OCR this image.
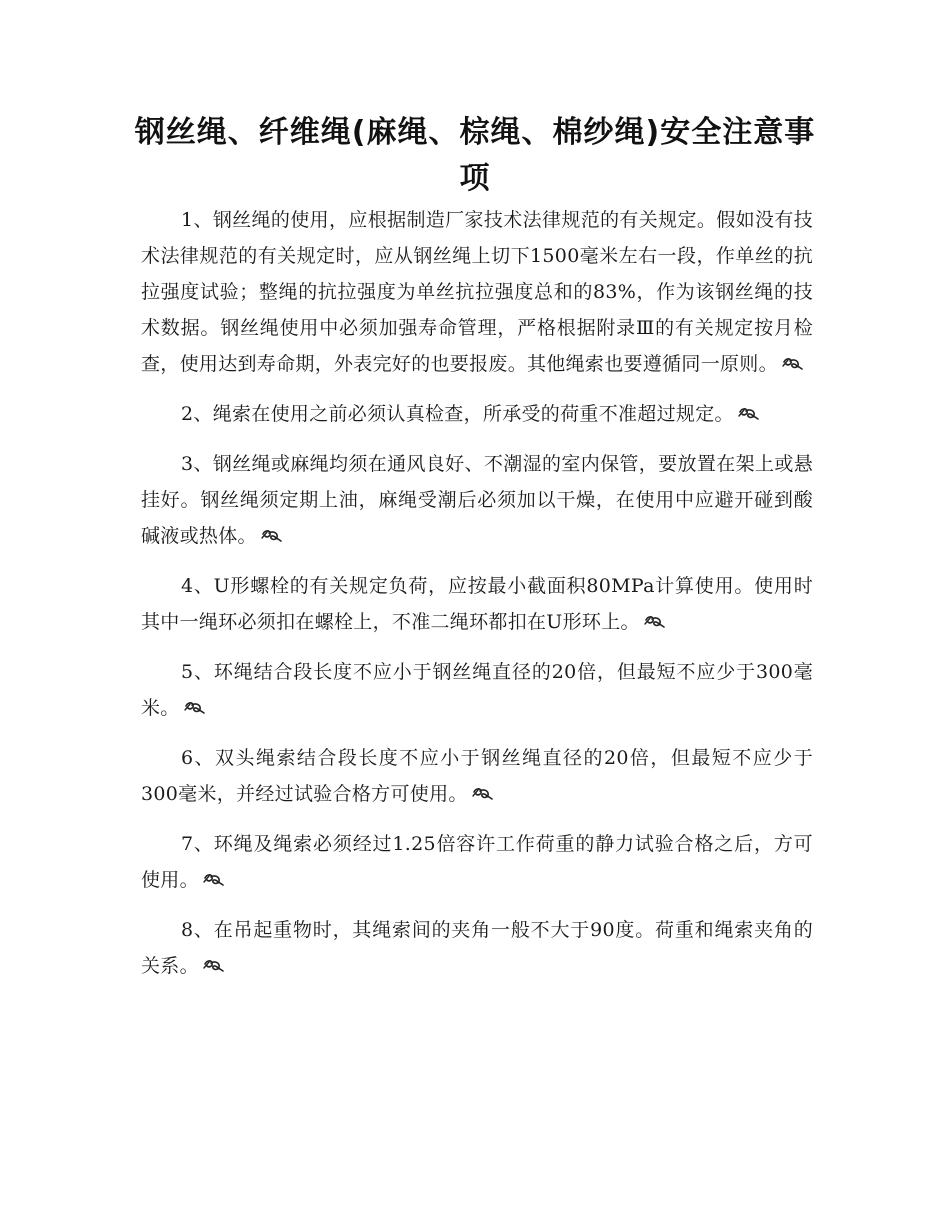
钢丝绳、纤维绳(麻绳、棕绳、棉纱绳)安全注意事项

1、钢丝绳的使用，应根据制造厂家技术法律规范的有关规定。假如没有技术法律规范的有关规定时，应从钢丝绳上切下1500毫米左右一段，作单丝的抗拉强度试验；整绳的抗拉强度为单丝抗拉强度总和的83%，作为该钢丝绳的技术数据。钢丝绳使用中必须加强寿命管理，严格根据附录Ⅲ的有关规定按月检查，使用达到寿命期，外表完好的也要报废。其他绳索也要遵循同一原则。

2、绳索在使用之前必须认真检查，所承受的荷重不准超过规定。

3、钢丝绳或麻绳均须在通风良好、不潮湿的室内保管，要放置在架上或悬挂好。钢丝绳须定期上油，麻绳受潮后必须加以干燥，在使用中应避开碰到酸碱液或热体。

4、U形螺栓的有关规定负荷，应按最小截面积80MPa计算使用。使用时其中一绳环必须扣在螺栓上，不准二绳环都扣在U形环上。

5、环绳结合段长度不应小于钢丝绳直径的20倍，但最短不应少于300毫米。

6、双头绳索结合段长度不应小于钢丝绳直径的20倍，但最短不应少于300毫米，并经过试验合格方可使用。

7、环绳及绳索必须经过1.25倍容许工作荷重的静力试验合格之后，方可使用。

8、在吊起重物时，其绳索间的夹角一般不大于90度。荷重和绳索夹角的关系。
